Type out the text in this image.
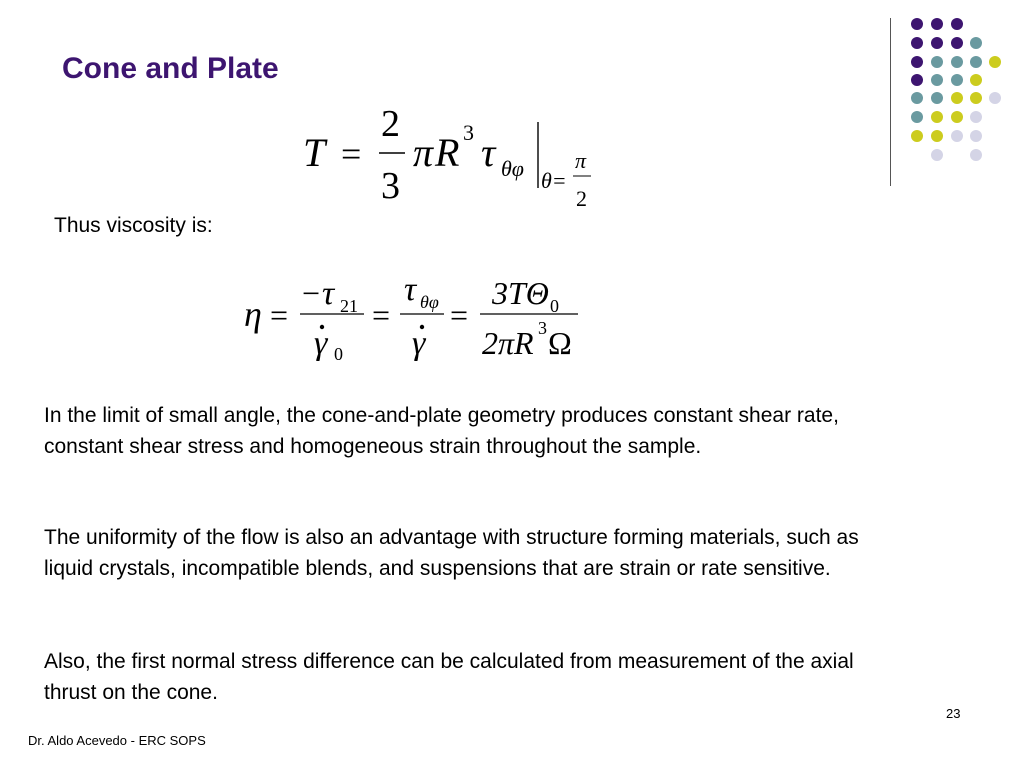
Cone and Plate
T =
2
3
π R 3 τ θφ θ=
π
2
Thus viscosity is:
η =
− τ 21
γ 0
=
τ θφ
γ
=
3TΘ 0
2πR 3 Ω
In the limit of small angle, the cone-and-plate geometry produces constant shear rate, constant shear stress and homogeneous strain throughout the sample.
The uniformity of the flow is also an advantage with structure forming materials, such as liquid crystals, incompatible blends, and suspensions that are strain or rate sensitive.
Also, the first normal stress difference can be calculated from measurement of the axial thrust on the cone.
23
Dr. Aldo Acevedo - ERC SOPS
